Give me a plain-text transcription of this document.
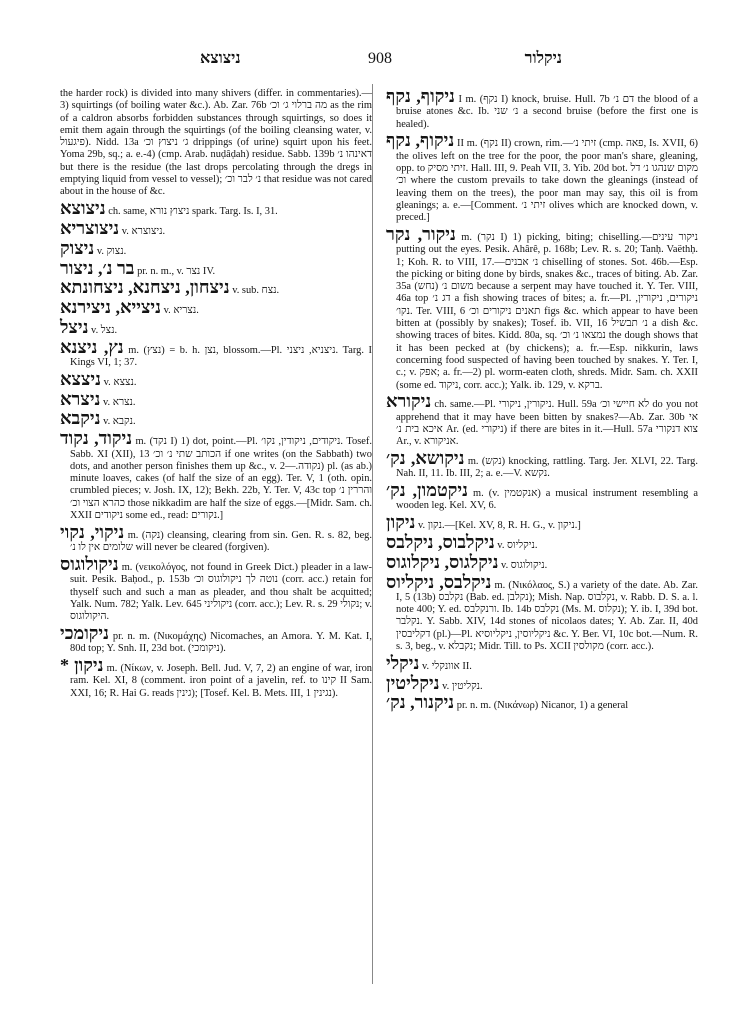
ניצוצא	908	ניקלור

the harder rock) is divided into many shivers (differ. in commentaries).—3) squirtings (of boiling water &c.). Ab. Zar. 76b מה ברלוי ג׳ וכ׳ as the rim of a caldron absorbs forbidden substances through squirtings, so does it emit them again through the squirtings (of the boiling cleansing water, v. פיגעול). Nidd. 13a ג׳ ניצוץ וכ׳ drippings (of urine) squirt upon his feet. Yoma 29b, sq.; a. e.-4) (cmp. Arab. nuḍâḍah) residue. Sabb. 139b דאינהו נ׳ but there is the residue (the last drops percolating through the dregs in emptying liquid from vessel to vessel); נ׳ לבר וכ׳ that residue was not cared about in the house of &c.

ניצוצא ch. same, ניצוץ נורא spark. Targ. Is. I, 31.

ניצוצריא v. ניצוצרא.

ניצוק v. נצוק.

בר נ׳, ניצור pr. n. m., v. נצר IV.

ניצחון, ניצחנא, ניצחונתא v. sub. נצח.

ניצייא, ניצירנא v. נצריא.

ניצל v. נצל.

נץ, ניצנא m. (נצץ) = b. h. נצן, blossom.—Pl. ניצניא, ניצני. Targ. I Kings VI, 1; 37.

ניצצא v. נצצא.

ניצרא v. נצרא.

ניקבא v. נקבא.

ניקוד, נקוד m. (נקד I) 1) dot, point.—Pl. ניקודים, ניקודין, נקו׳. Tosef. Sabb. XI (XII), 13 הכותב שתי נ׳ וכ׳ if one writes (on the Sabbath) two dots, and another person finishes them up &c., v. נקודה.—2) pl. (as ab.) minute loaves, cakes (of half the size of an egg). Ter. V, 1 (oth. opin. crumbled pieces; v. Josh. IX, 12); Bekh. 22b, Y. Ter. V, 43c top והררין נ׳ כהרא הצוי וכ׳ those nikkadim are half the size of eggs.—[Midr. Sam. ch. XXII ניקודים some ed., read: נקורים.]

ניקוי, נקוי m. (נקה) cleansing, clearing from sin. Gen. R. s. 82, beg. שלומים אין לו נ׳ will never be cleared (forgiven).

ניקולוגוס m. (νεικολόγος, not found in Greek Dict.) pleader in a law-suit. Pesik. Baḥod., p. 153b נוטה לך ניקולוגוס וכ׳ (corr. acc.) retain for thyself such and such a man as pleader, and thou shalt be acquitted; Yalk. Num. 782; Yalk. Lev. 645 ניקוליני (corr. acc.); Lev. R. s. 29 נקולי; v. היקולוגוס.

ניקומכי pr. n. m. (Νικομάχης) Nicomaches, an Amora. Y. M. Kat. I, 80d top; Y. Snh. II, 23d bot. (ניקומכי).

* ניקון m. (Νίκων, v. Joseph. Bell. Jud. V, 7, 2) an engine of war, iron ram. Kel. XI, 8 (comment. iron point of a javelin, ref. to קינו II Sam. XXI, 16; R. Hai G. reads גינין); [Tosef. Kel. B. Mets. III, 1 נגינין).

ניקוף, נקף I m. (נקף I) knock, bruise. Hull. 7b דם נ׳ the blood of a bruise atones &c. Ib. נ׳ שני a second bruise (before the first one is healed).

ניקוף, נקף II m. (נקף II) crown, rim.—זיתי נ׳ (cmp. פאה, Is. XVII, 6) the olives left on the tree for the poor, the poor man's share, gleaning, opp. to זיתי מסיק. Hall. III, 9. Peah VII, 3. Yib. 20d bot. מקום שנהגו נ׳ דל וכ׳ where the custom prevails to take down the gleanings (instead of leaving them on the trees), the poor man may say, this oil is from gleanings; a. e.—[Comment. זיתי נ׳ olives which are knocked down, v. preced.]

ניקור, נקר m. (נקר I) 1) picking, biting; chiselling.—ניקור עינים putting out the eyes. Pesik. Ahârê, p. 168b; Lev. R. s. 20; Tanḥ. Vaëthḥ. 1; Koh. R. to VIII, 17.—נ׳ אבנים chiselling of stones. Sot. 46b.—Esp. the picking or biting done by birds, snakes &c., traces of biting. Ab. Zar. 35a משום נ׳ (נחש) because a serpent may have touched it. Y. Ter. VIII, 46a top דג נ׳ a fish showing traces of bites; a. fr.—Pl. ניקורים, ניקורין, נקו׳. Ter. VIII, 6 תאנים ניקורים וכ׳ figs &c. which appear to have been bitten at (possibly by snakes); Tosef. ib. VII, 16 נ׳ תבשיל a dish &c. showing traces of bites. Kidd. 80a, sq. נמצאו נ׳ וכ׳ the dough shows that it has been pecked at (by chickens); a. fr.—Esp. nikkurin, laws concerning food suspected of having been touched by snakes. Y. Ter. I, c.; v. אפק; a. fr.—2) pl. worm-eaten cloth, shreds. Midr. Sam. ch. XXII (some ed. ניקוד, corr. acc.); Yalk. ib. 129, v. ברקא.

ניקורא ch. same.—Pl. ניקורין, ניקורי. Hull. 59a לא חיישי וכ׳ do you not apprehend that it may have been bitten by snakes?—Ab. Zar. 30b אי איכא בית נ׳ Ar. (ed. ניקורי) if there are bites in it.—Hull. 57a צוא דנקורי Ar., v. אניקורא.

ניקושא, נק׳ m. (נקש) knocking, rattling. Targ. Jer. XLVI, 22. Targ. Nah. II, 11. Ib. III, 2; a. e.—V. נקשא.

ניקטמון, נק׳ m. (v. אנקטמין) a musical instrument resembling a wooden leg. Kel. XV, 6.

ניקון v. נקון.—[Kel. XV, 8, R. H. G., v. ניקון.]

ניקלבוס, ניקלבס v. ניקליוס.

ניקלגוס, ניקלוגוס v. ניקולוגוס.

ניקלבס, ניקליוס m. (Νικόλαος, S.) a variety of the date. Ab. Zar. I, 5 (13b) נקלבס (Bab. ed. נקלבן); Mish. Nap. נקלבוס, v. Rabb. D. S. a. l. note 400; Y. ed. ורנקלבס. Ib. 14b נקלבס (Ms. M. נקלוס); Y. ib. I, 39d bot. נקלבר. Y. Sabb. XIV, 14d stones of nicolaos dates; Y. Ab. Zar. II, 40d דקליבסין (pl.)—Pl. ניקליוסין, ניקליוסיא &c. Y. Ber. VI, 10c bot.—Num. R. s. 3, beg., v. נקבלא; Midr. Till. to Ps. XCII מקולסין (corr. acc.).

ניקלי v. אוונקלי II.

ניקליטין v. נקליטין.

ניקנור, נק׳ pr. n. m. (Νικάνωρ) Nicanor, 1) a general
